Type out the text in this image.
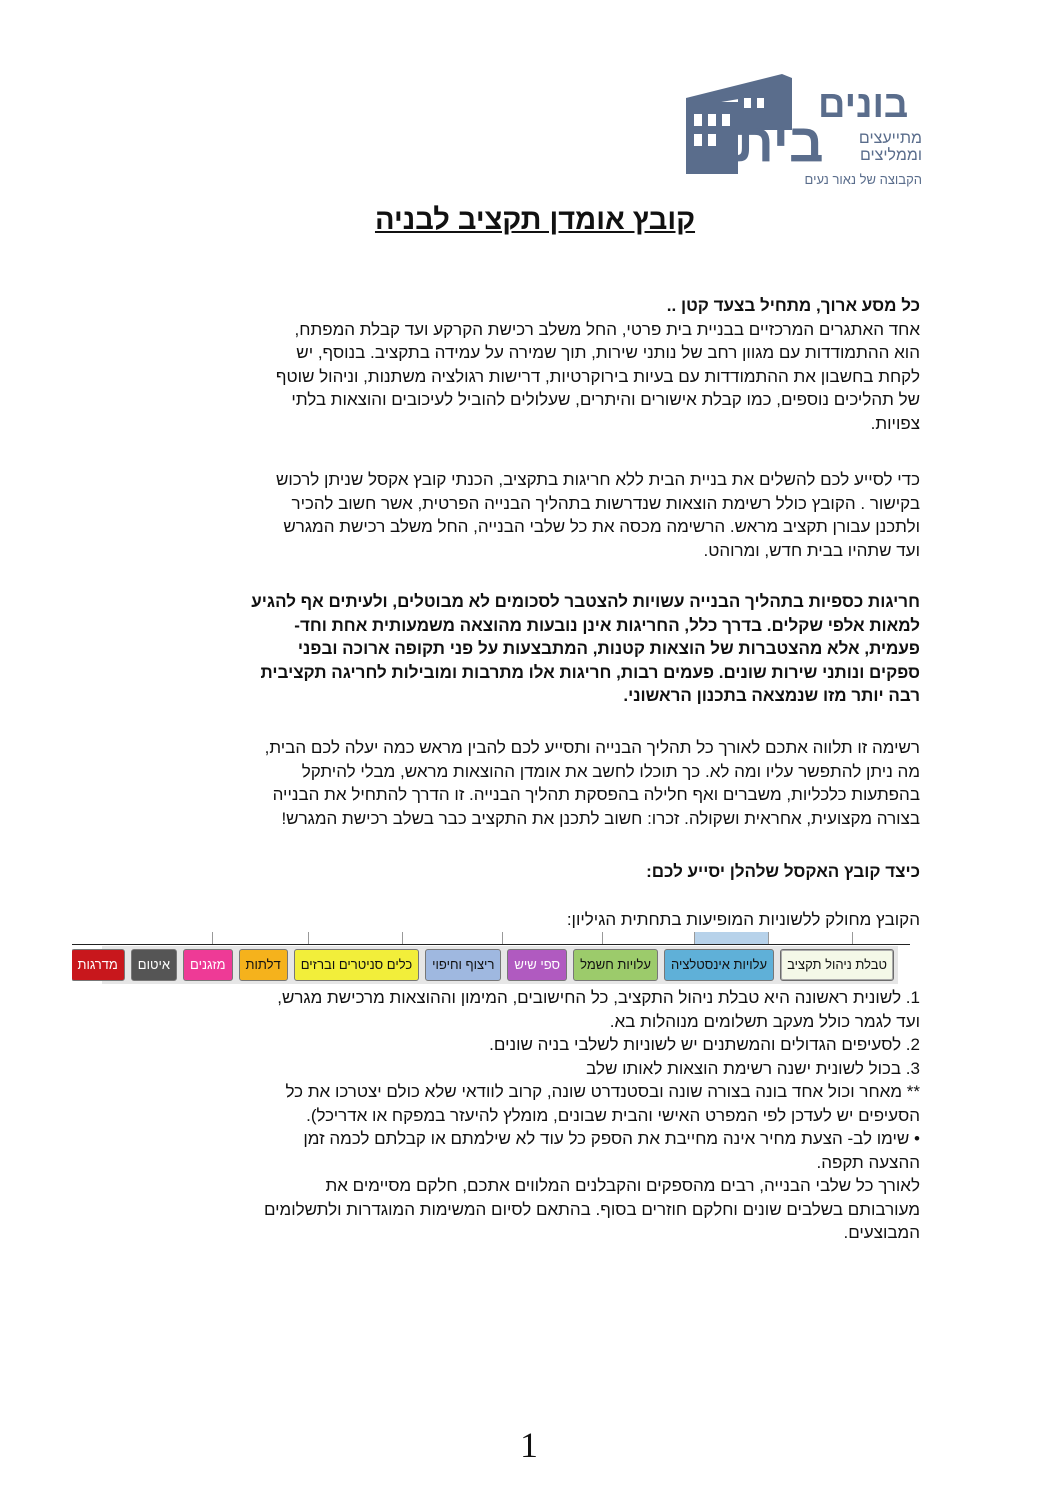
בונים
בית	מתייעצים
וממליצים
הקבוצה של נאור נעים
קובץ אומדן תקציב לבניה

כל מסע ארוך, מתחיל בצעד קטן ..

אחד האתגרים המרכזיים בבניית בית פרטי, החל משלב רכישת הקרקע ועד קבלת המפתח,

הוא ההתמודדות עם מגוון רחב של נותני שירות, תוך שמירה על עמידה בתקציב. בנוסף, יש

לקחת בחשבון את ההתמודדות עם בעיות בירוקרטיות, דרישות רגולציה משתנות, וניהול שוטף

של תהליכים נוספים, כמו קבלת אישורים והיתרים, שעלולים להוביל לעיכובים והוצאות בלתי

צפויות.

כדי לסייע לכם להשלים את בניית הבית ללא חריגות בתקציב, הכנתי קובץ אקסל שניתן לרכוש

בקישור . הקובץ כולל רשימת הוצאות שנדרשות בתהליך הבנייה הפרטית, אשר חשוב להכיר

ולתכנן עבורן תקציב מראש. הרשימה מכסה את כל שלבי הבנייה, החל משלב רכישת המגרש

ועד שתהיו בבית חדש, ומרוהט.

חריגות כספיות בתהליך הבנייה עשויות להצטבר לסכומים לא מבוטלים, ולעיתים אף להגיע

למאות אלפי שקלים. בדרך כלל, החריגות אינן נובעות מהוצאה משמעותית אחת וחד-

פעמית, אלא מהצטברות של הוצאות קטנות, המתבצעות על פני תקופה ארוכה ובפני

ספקים ונותני שירות שונים. פעמים רבות, חריגות אלו מתרבות ומובילות לחריגה תקציבית

רבה יותר מזו שנמצאה בתכנון הראשוני.

רשימה זו תלווה אתכם לאורך כל תהליך הבנייה ותסייע לכם להבין מראש כמה יעלה לכם הבית,

מה ניתן להתפשר עליו ומה לא. כך תוכלו לחשב את אומדן ההוצאות מראש, מבלי להיתקל

בהפתעות כלכליות, משברים ואף חלילה בהפסקת תהליך הבנייה. זו הדרך להתחיל את הבנייה

בצורה מקצועית, אחראית ושקולה. זכרו: חשוב לתכנן את התקציב כבר בשלב רכישת המגרש!

כיצד קובץ האקסל שלהלן יסייע לכם:

הקובץ מחולק ללשוניות המופיעות בתחתית הגיליון:

טבלת ניהול תקציב
עלויות אינסטלציה
עלויות חשמל
ספי שיש
ריצוף וחיפוי
כלים סניטרים וברזים
דלתות
מזגנים
איטום
מדרגות

1. לשונית ראשונה היא טבלת ניהול התקציב, כל החישובים, המימון וההוצאות מרכישת מגרש,

ועד לגמר כולל מעקב תשלומים מנוהלות בא.

2. לסעיפים הגדולים והמשתנים יש לשוניות לשלבי בניה שונים.

3. בכול לשונית ישנה רשימת הוצאות לאותו שלב

** מאחר וכול אחד בונה בצורה שונה ובסטנדרט שונה, קרוב לוודאי שלא כולם יצטרכו את כל

הסעיפים יש לעדכן לפי המפרט האישי והבית שבונים, מומלץ להיעזר במפקח או אדריכל).

• שימו לב- הצעת מחיר אינה מחייבת את הספק כל עוד לא שילמתם או קבלתם לכמה זמן

ההצעה תקפה.

לאורך כל שלבי הבנייה, רבים מהספקים והקבלנים המלווים אתכם, חלקם מסיימים את

מעורבותם בשלבים שונים וחלקם חוזרים בסוף. בהתאם לסיום המשימות המוגדרות ולתשלומים

המבוצעים.

1
